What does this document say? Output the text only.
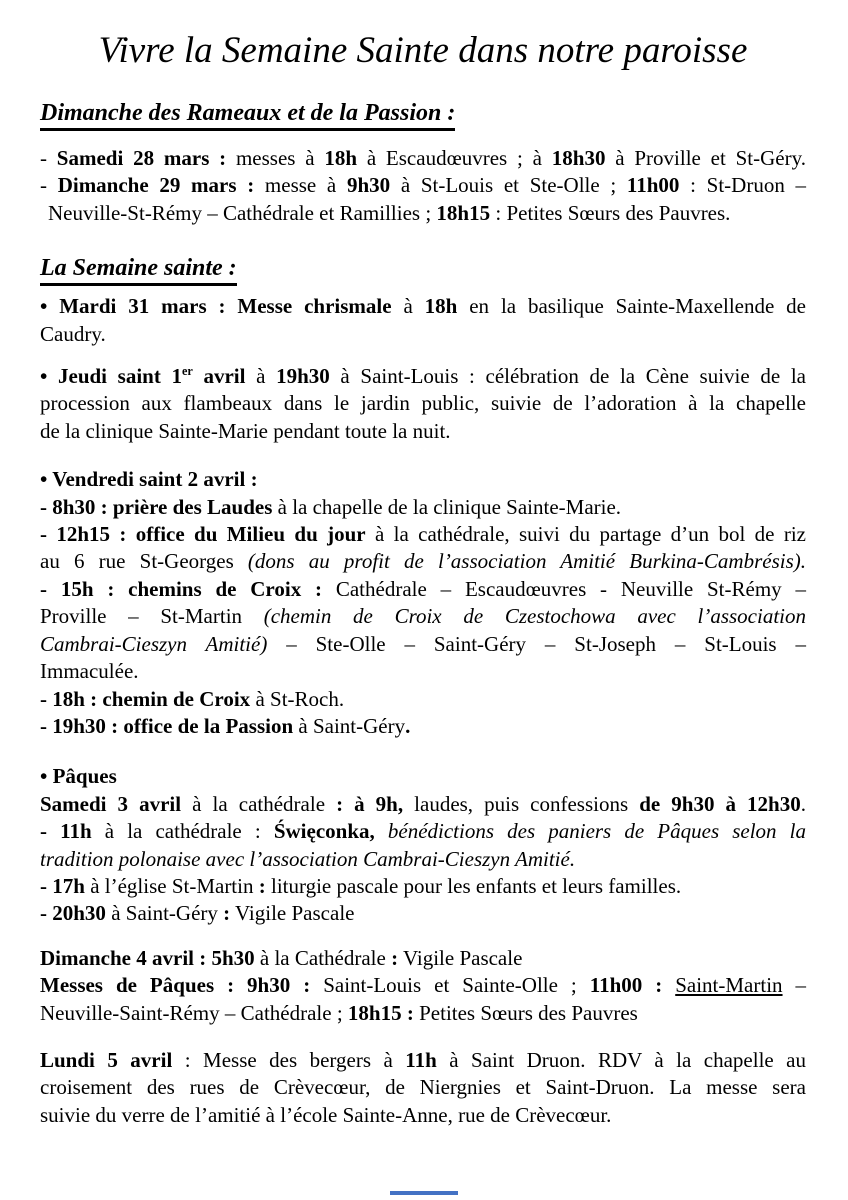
Vivre la Semaine Sainte dans notre paroisse
Dimanche des Rameaux et de la Passion :
- Samedi 28 mars : messes à 18h à Escaudœuvres ; à 18h30 à Proville et St-Géry.
- Dimanche 29 mars : messe à 9h30 à St-Louis et Ste-Olle ; 11h00 : St-Druon –
Neuville-St-Rémy – Cathédrale et Ramillies ; 18h15 : Petites Sœurs des Pauvres.
La Semaine sainte :
• Mardi 31 mars : Messe chrismale à 18h en la basilique Sainte-Maxellende de
Caudry.
• Jeudi saint 1er avril à 19h30 à Saint-Louis : célébration de la Cène suivie de la
procession aux flambeaux dans le jardin public, suivie de l’adoration à la chapelle
de la clinique Sainte-Marie pendant toute la nuit.
• Vendredi saint 2 avril :
- 8h30 : prière des Laudes à la chapelle de la clinique Sainte-Marie.
- 12h15 : office du Milieu du jour à la cathédrale, suivi du partage d’un bol de riz
au 6 rue St-Georges (dons au profit de l’association Amitié Burkina-Cambrésis).
- 15h : chemins de Croix : Cathédrale – Escaudœuvres - Neuville St-Rémy –
Proville – St-Martin (chemin de Croix de Czestochowa avec l’association
Cambrai-Cieszyn Amitié) – Ste-Olle – Saint-Géry – St-Joseph – St-Louis –
Immaculée.
- 18h : chemin de Croix à St-Roch.
- 19h30 : office de la Passion à Saint-Géry.
• Pâques
Samedi 3 avril à la cathédrale : à 9h, laudes, puis confessions de 9h30 à 12h30.
- 11h à la cathédrale : Święconka, bénédictions des paniers de Pâques selon la
tradition polonaise avec l’association Cambrai-Cieszyn Amitié.
- 17h à l’église St-Martin : liturgie pascale pour les enfants et leurs familles.
- 20h30 à Saint-Géry : Vigile Pascale
Dimanche 4 avril : 5h30 à la Cathédrale : Vigile Pascale
Messes de Pâques : 9h30 : Saint-Louis et Sainte-Olle ; 11h00 : Saint-Martin –
Neuville-Saint-Rémy – Cathédrale ; 18h15 : Petites Sœurs des Pauvres
Lundi 5 avril : Messe des bergers à 11h à Saint Druon. RDV à la chapelle au
croisement des rues de Crèvecœur, de Niergnies et Saint-Druon. La messe sera
suivie du verre de l’amitié à l’école Sainte-Anne, rue de Crèvecœur.
